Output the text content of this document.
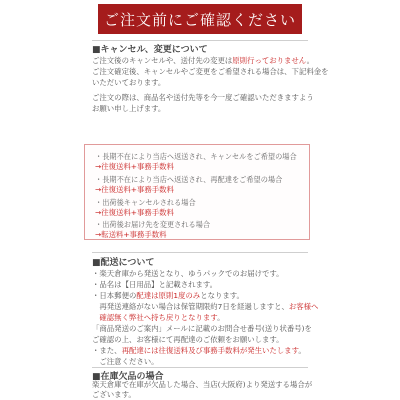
ご注文前にご確認ください
■キャンセル、変更について
ご注文後のキャンセルや、送付先の変更は原則行っておりません。
ご注文確定後、キャンセルやご変更をご希望される場合は、下記料金を
いただいております。
ご注文の際は、商品名や送付先等を今一度ご確認いただきますよう
お願い申し上げます。
・長期不在により当店へ返送され、キャンセルをご希望の場合
→往復送料+事務手数料
・長期不在により当店へ返送され、再配達をご希望の場合
→往復送料+事務手数料
・出荷後キャンセルされる場合
→往復送料+事務手数料
・出荷後お届け先を変更される場合
→転送料+事務手数料
■配送について
・楽天倉庫から発送となり、ゆうパックでのお届けです。
・品名は【日用品】と記載されます。
・日本郵便の配達は原則1度のみとなります。
　再発送連絡がない場合は保管期限約7日を経過しますと、お客様へ
　確認無く弊社へ持ち戻りとなります。
「商品発送のご案内」メールに記載のお問合せ番号(送り状番号)を
ご確認の上、お客様にて再配達のご依頼をお願いします。
・また、再配達には往復送料及び事務手数料が発生いたします。
　ご注意ください。
■在庫欠品の場合
楽天倉庫で在庫が欠品した場合、当店(大阪府)より発送する場合が
ございます。
